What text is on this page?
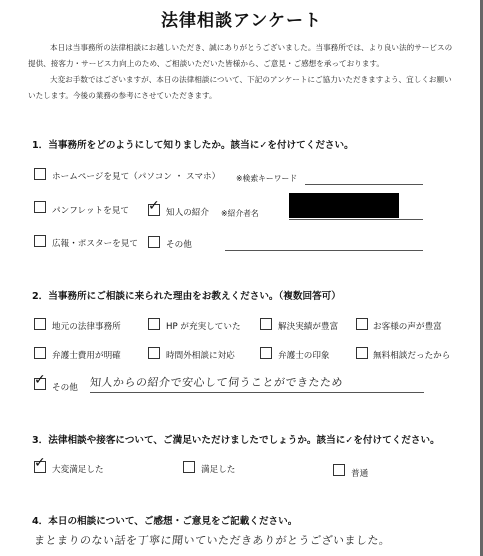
法律相談アンケート
本日は当事務所の法律相談にお越しいただき、誠にありがとうございました。当事務所では、より良い法的サービスの
提供、接客力・サービス力向上のため、ご相談いただいた皆様から、ご意見・ご感想を承っております。
大変お手数ではございますが、本日の法律相談について、下記のアンケートにご協力いただきますよう、宜しくお願い
いたします。今後の業務の参考にさせていただきます。
1．当事務所をどのようにして知りましたか。該当に✓を付けてください。
ホームページを見て（パソコン ・ スマホ） ※検索キーワード
パンフレットを見て ✓ 知人の紹介 ※紹介者名
広報・ポスターを見て	その他
2．当事務所にご相談に来られた理由をお教えください。（複数回答可）
地元の法律事務所	HP が充実していた	解決実績が豊富	お客様の声が豊富
弁護士費用が明確	時間外相談に対応	弁護士の印象	無料相談だったから
✓ その他 知人からの紹介で安心して伺うことができたため
3．法律相談や接客について、ご満足いただけましたでしょうか。該当に✓を付けてください。
✓ 大変満足した	満足した	普通
4．本日の相談について、ご感想・ご意見をご記載ください。
まとまりのない話を丁寧に聞いていただきありがとうございました。
